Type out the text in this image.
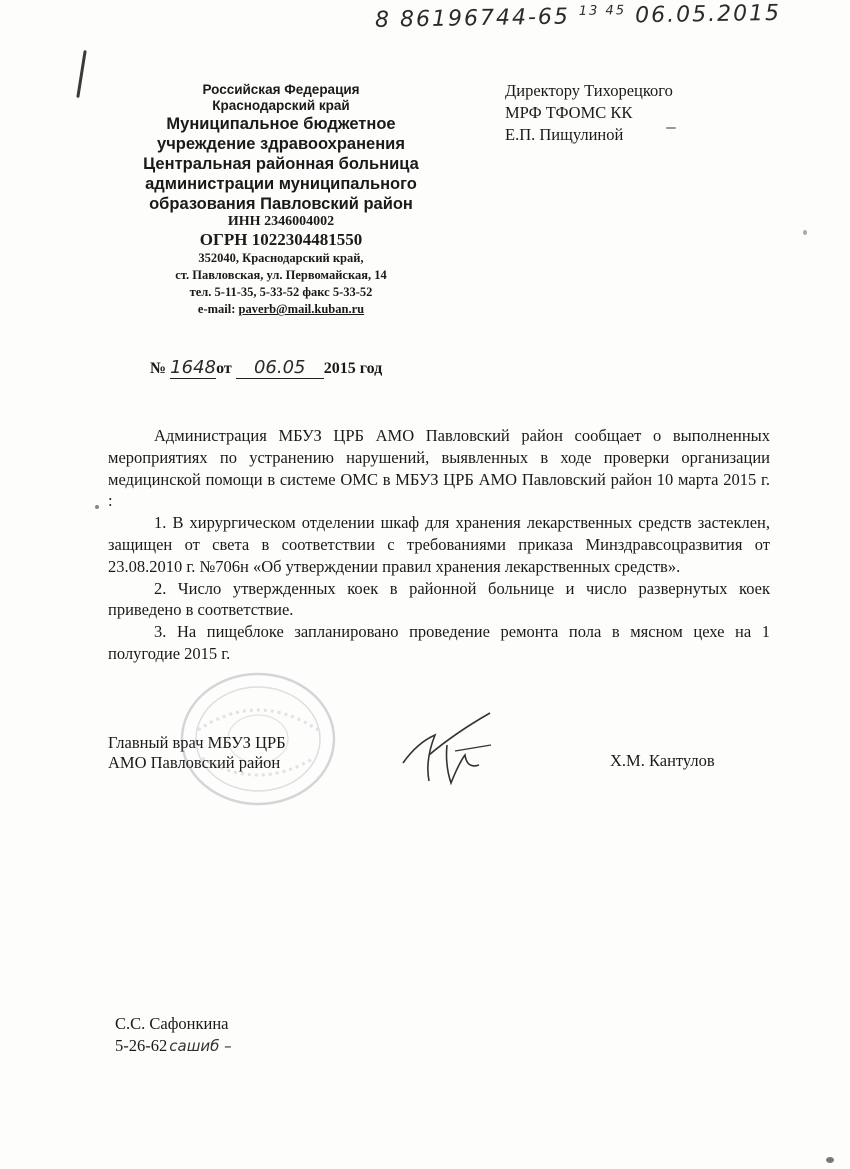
8 86196744-65 $^{13 45}$ 06.05.2015
Российская Федерация
Краснодарский край
Муниципальное бюджетное
учреждение здравоохранения
Центральная районная больница
администрации муниципального
образования Павловский район
ИНН 2346004002
ОГРН 1022304481550
352040, Краснодарский край,
ст. Павловская, ул. Первомайская, 14
тел. 5-11-35, 5-33-52 факс 5-33-52
e-mail: paverb@mail.kuban.ru
№ 1648от 06.05 2015 год
Директору Тихорецкого
МРФ ТФОМС КК
Е.П. Пищулиной

Администрация МБУЗ ЦРБ АМО Павловский район сообщает о выполненных мероприятиях по устранению нарушений, выявленных в ходе проверки организации медицинской помощи в системе ОМС в МБУЗ ЦРБ АМО Павловский район 10 марта 2015 г. :

1. В хирургическом отделении шкаф для хранения лекарственных средств застеклен, защищен от света в соответствии с требованиями приказа Минздравсоцразвития от 23.08.2010 г. №706н «Об утверждении правил хранения лекарственных средств».

2. Число утвержденных коек в районной больнице и число развернутых коек приведено в соответствие.

3. На пищеблоке запланировано проведение ремонта пола в мясном цехе на 1 полугодие 2015 г.

Главный врач МБУЗ ЦРБ
АМО Павловский район	Х.М. Кантулов
С.С. Сафонкина
5-26-62 сашиб –
